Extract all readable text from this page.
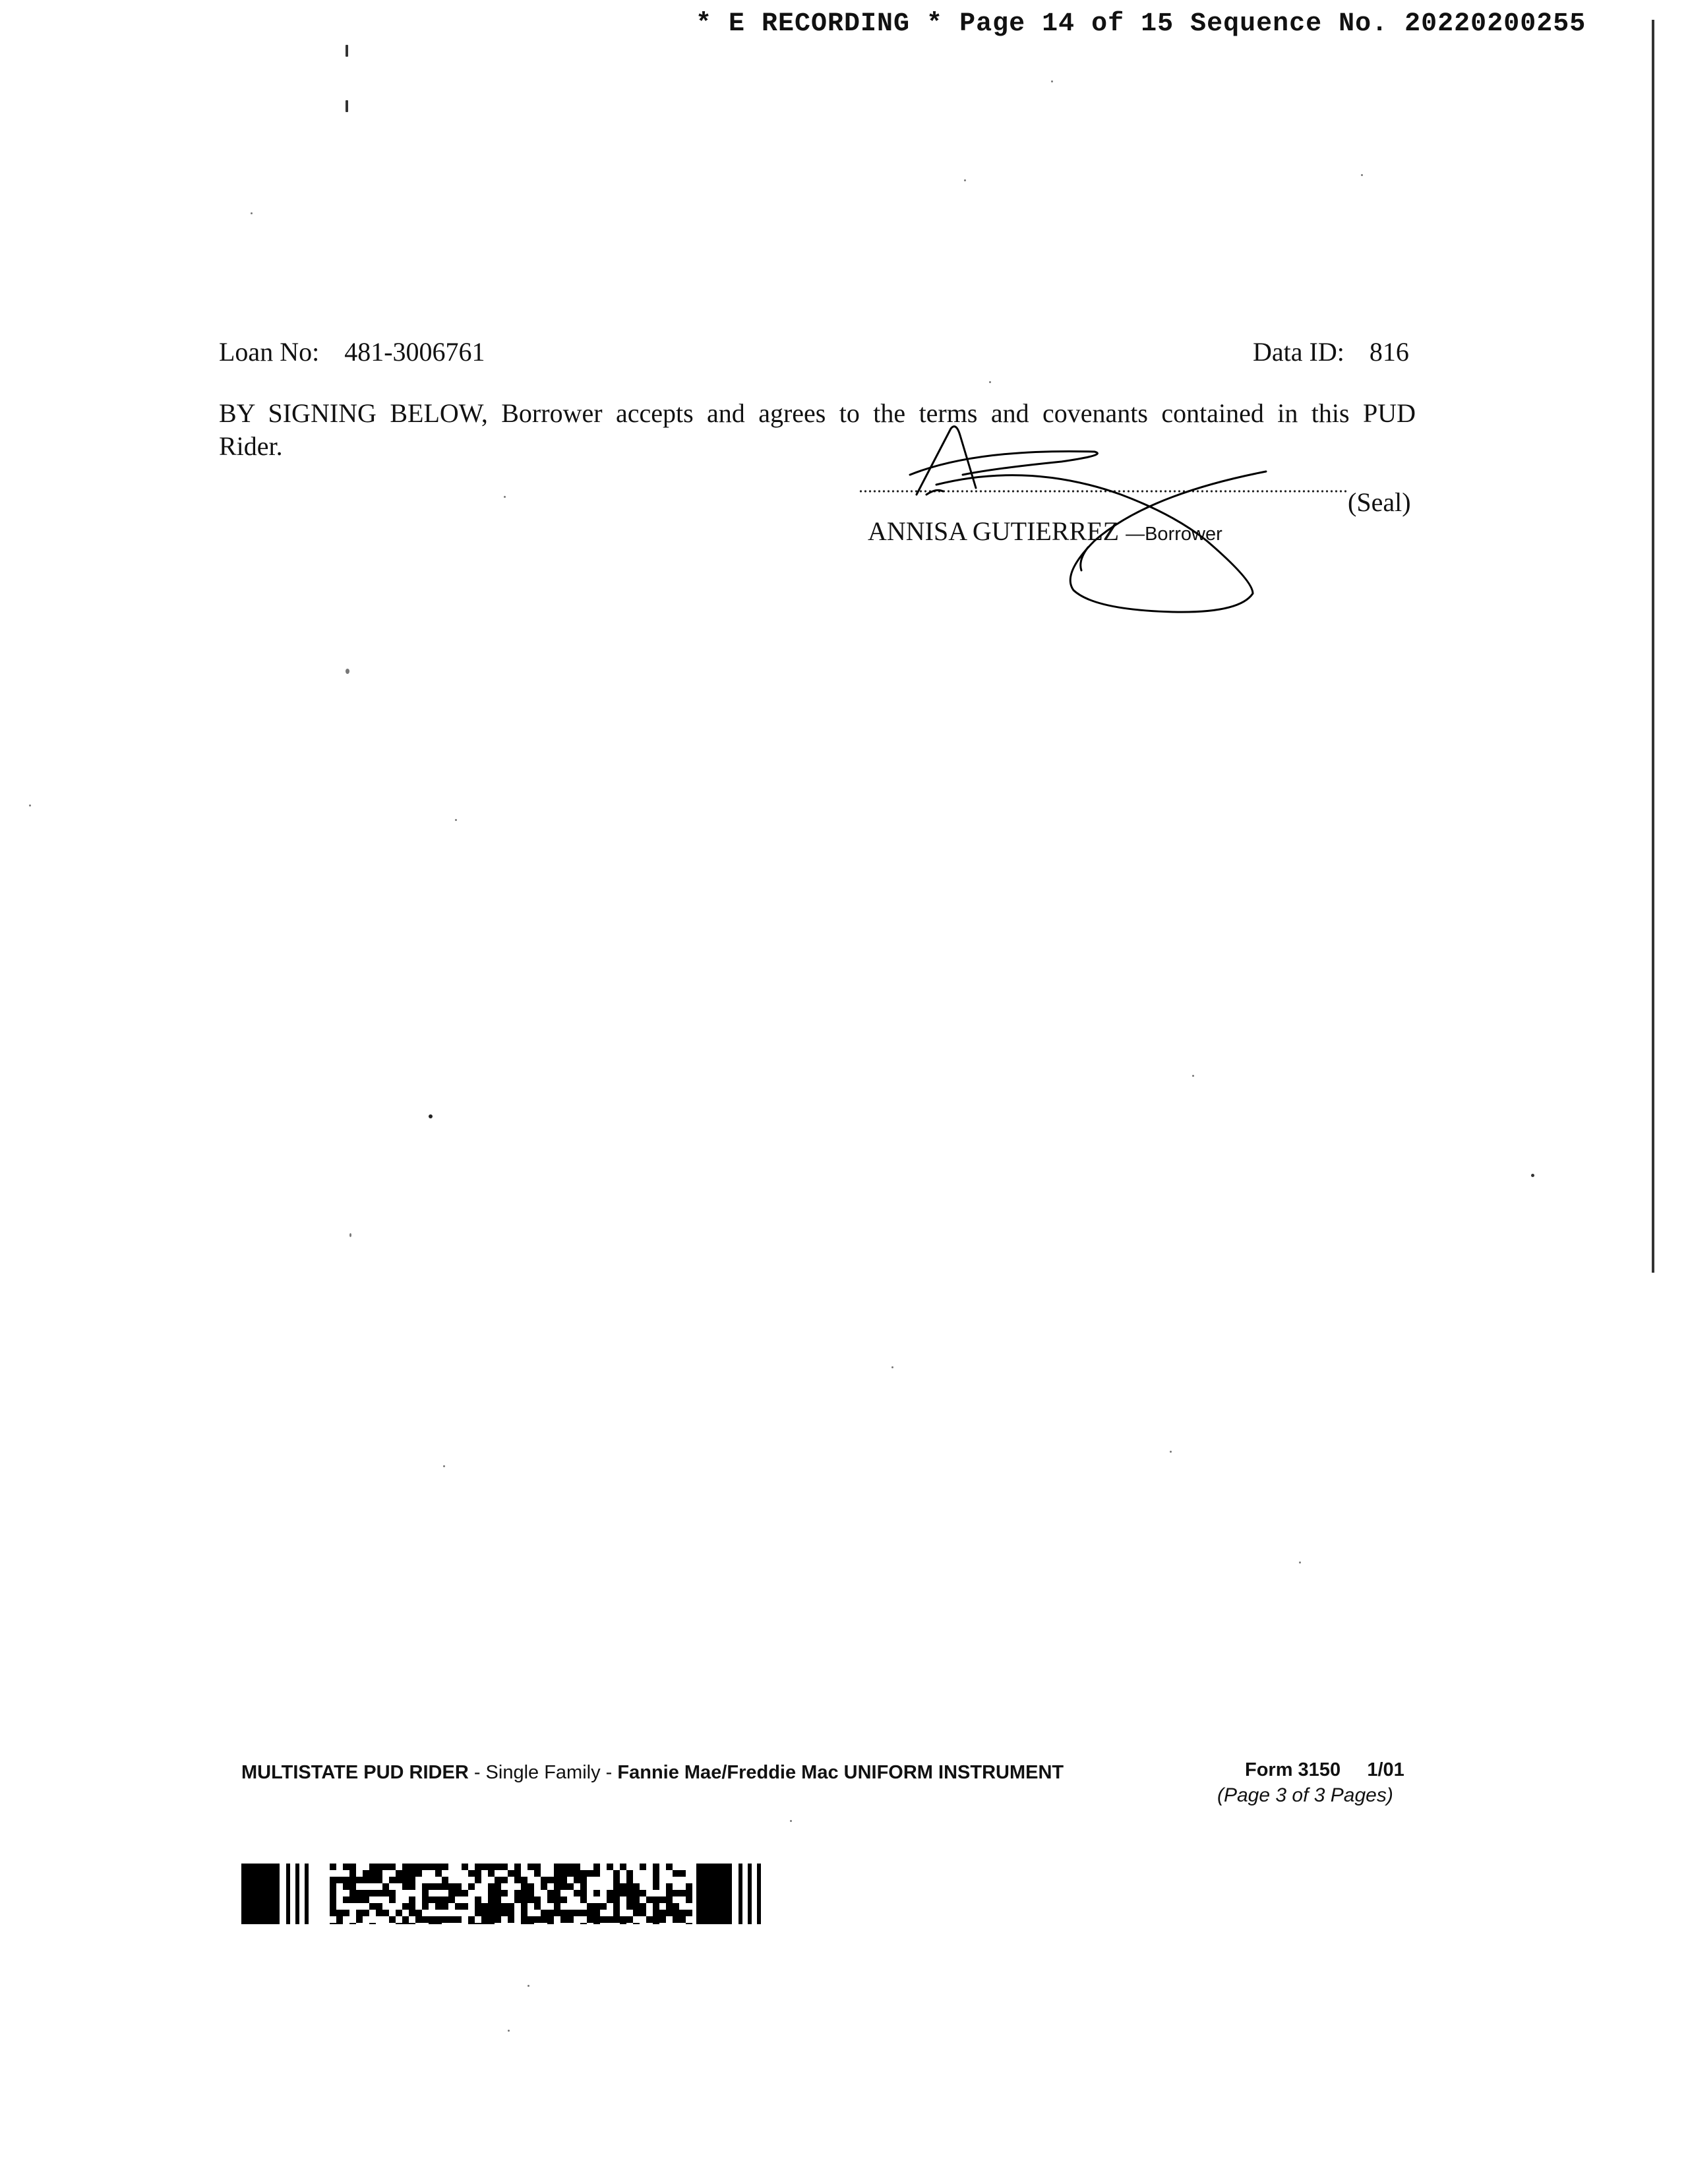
* E RECORDING * Page 14 of 15 Sequence No. 20220200255
Loan No: 481-3006761	Data ID: 816
BY SIGNING BELOW, Borrower accepts and agrees to the terms and covenants contained in this PUD
Rider.
(Seal)
ANNISA GUTIERREZ —Borrower
MULTISTATE PUD RIDER - Single Family - Fannie Mae/Freddie Mac UNIFORM INSTRUMENT	Form 3150     1/01
(Page 3 of 3 Pages)
